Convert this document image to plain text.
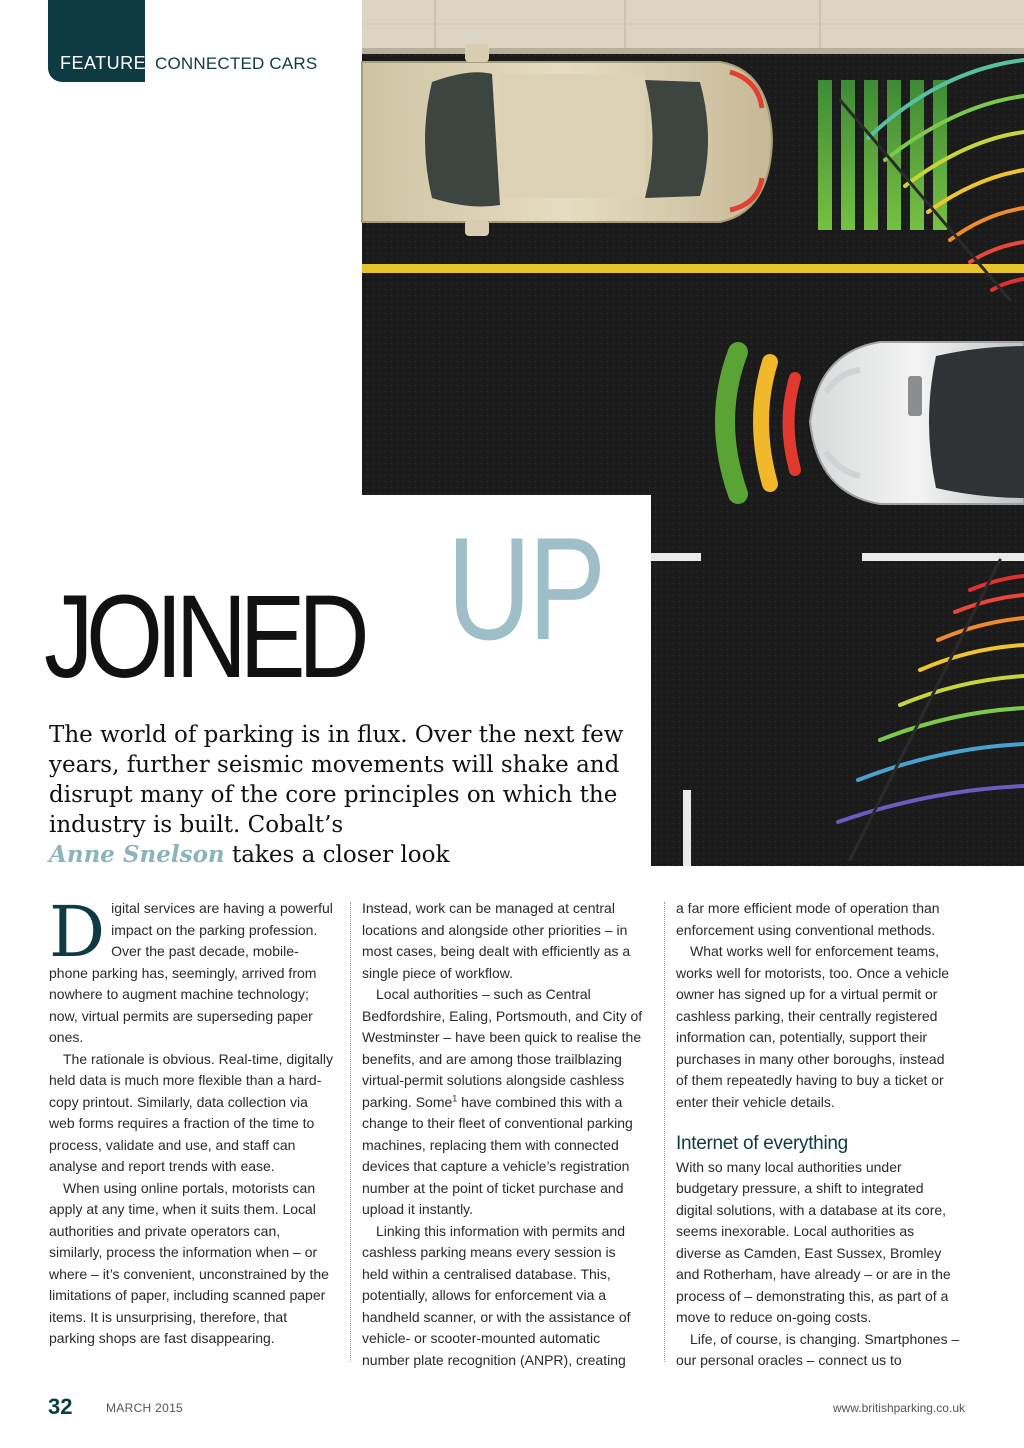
FEATURE CONNECTED CARS
JOINED UP
The world of parking is in flux. Over the next few years, further seismic movements will shake and disrupt many of the core principles on which the industry is built. Cobalt’s
Anne Snelson takes a closer look

Digital services are having a powerful impact on the parking profession. Over the past decade, mobile-phone parking has, seemingly, arrived from nowhere to augment machine technology; now, virtual permits are superseding paper ones.

The rationale is obvious. Real-time, digitally held data is much more flexible than a hard-copy printout. Similarly, data collection via web forms requires a fraction of the time to process, validate and use, and staff can analyse and report trends with ease.

When using online portals, motorists can apply at any time, when it suits them. Local authorities and private operators can, similarly, process the information when – or where – it’s convenient, unconstrained by the limitations of paper, including scanned paper items. It is unsurprising, therefore, that parking shops are fast disappearing.

Instead, work can be managed at central locations and alongside other priorities – in most cases, being dealt with efficiently as a single piece of workflow.

Local authorities – such as Central Bedfordshire, Ealing, Portsmouth, and City of Westminster – have been quick to realise the benefits, and are among those trailblazing virtual-permit solutions alongside cashless parking. Some$^1$ have combined this with a change to their fleet of conventional parking machines, replacing them with connected devices that capture a vehicle’s registration number at the point of ticket purchase and upload it instantly.

Linking this information with permits and cashless parking means every session is held within a centralised database. This, potentially, allows for enforcement via a handheld scanner, or with the assistance of vehicle- or scooter-mounted automatic number plate recognition (ANPR), creating

a far more efficient mode of operation than enforcement using conventional methods.

What works well for enforcement teams, works well for motorists, too. Once a vehicle owner has signed up for a virtual permit or cashless parking, their centrally registered information can, potentially, support their purchases in many other boroughs, instead of them repeatedly having to buy a ticket or enter their vehicle details.

Internet of everything

With so many local authorities under budgetary pressure, a shift to integrated digital solutions, with a database at its core, seems inexorable. Local authorities as diverse as Camden, East Sussex, Bromley and Rotherham, have already – or are in the process of – demonstrating this, as part of a move to reduce on-going costs.

Life, of course, is changing. Smartphones – our personal oracles – connect us to

32	MARCH 2015	www.britishparking.co.uk
